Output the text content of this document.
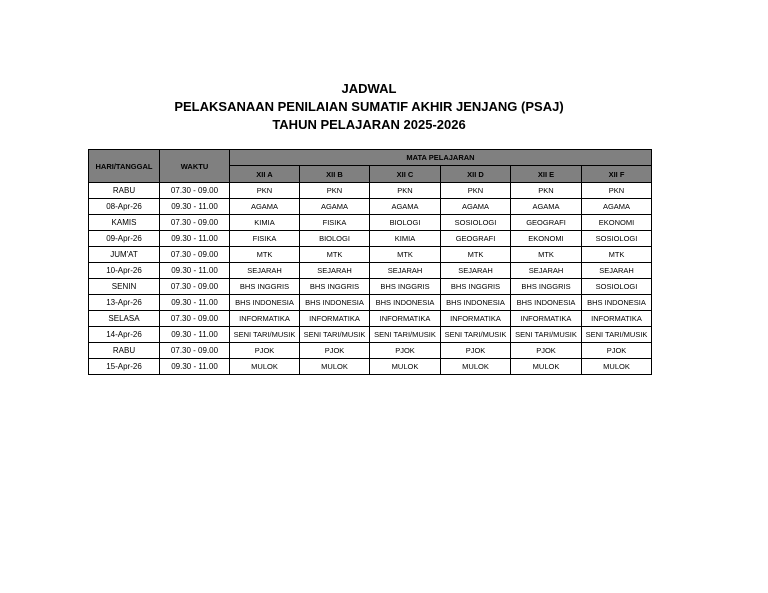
JADWAL
PELAKSANAAN PENILAIAN SUMATIF AKHIR JENJANG (PSAJ)
TAHUN PELAJARAN 2025-2026
HARI/TANGGAL	WAKTU	MATA PELAJARAN					
		XII A	XII B	XII C	XII D	XII E	XII F
RABU	07.30 - 09.00	PKN	PKN	PKN	PKN	PKN	PKN
08-Apr-26	09.30 - 11.00	AGAMA	AGAMA	AGAMA	AGAMA	AGAMA	AGAMA
KAMIS	07.30 - 09.00	KIMIA	FISIKA	BIOLOGI	SOSIOLOGI	GEOGRAFI	EKONOMI
09-Apr-26	09.30 - 11.00	FISIKA	BIOLOGI	KIMIA	GEOGRAFI	EKONOMI	SOSIOLOGI
JUM'AT	07.30 - 09.00	MTK	MTK	MTK	MTK	MTK	MTK
10-Apr-26	09.30 - 11.00	SEJARAH	SEJARAH	SEJARAH	SEJARAH	SEJARAH	SEJARAH
SENIN	07.30 - 09.00	BHS INGGRIS	BHS INGGRIS	BHS INGGRIS	BHS INGGRIS	BHS INGGRIS	SOSIOLOGI
13-Apr-26	09.30 - 11.00	BHS INDONESIA	BHS INDONESIA	BHS INDONESIA	BHS INDONESIA	BHS INDONESIA	BHS INDONESIA
SELASA	07.30 - 09.00	INFORMATIKA	INFORMATIKA	INFORMATIKA	INFORMATIKA	INFORMATIKA	INFORMATIKA
14-Apr-26	09.30 - 11.00	SENI TARI/MUSIK	SENI TARI/MUSIK	SENI TARI/MUSIK	SENI TARI/MUSIK	SENI TARI/MUSIK	SENI TARI/MUSIK
RABU	07.30 - 09.00	PJOK	PJOK	PJOK	PJOK	PJOK	PJOK
15-Apr-26	09.30 - 11.00	MULOK	MULOK	MULOK	MULOK	MULOK	MULOK
